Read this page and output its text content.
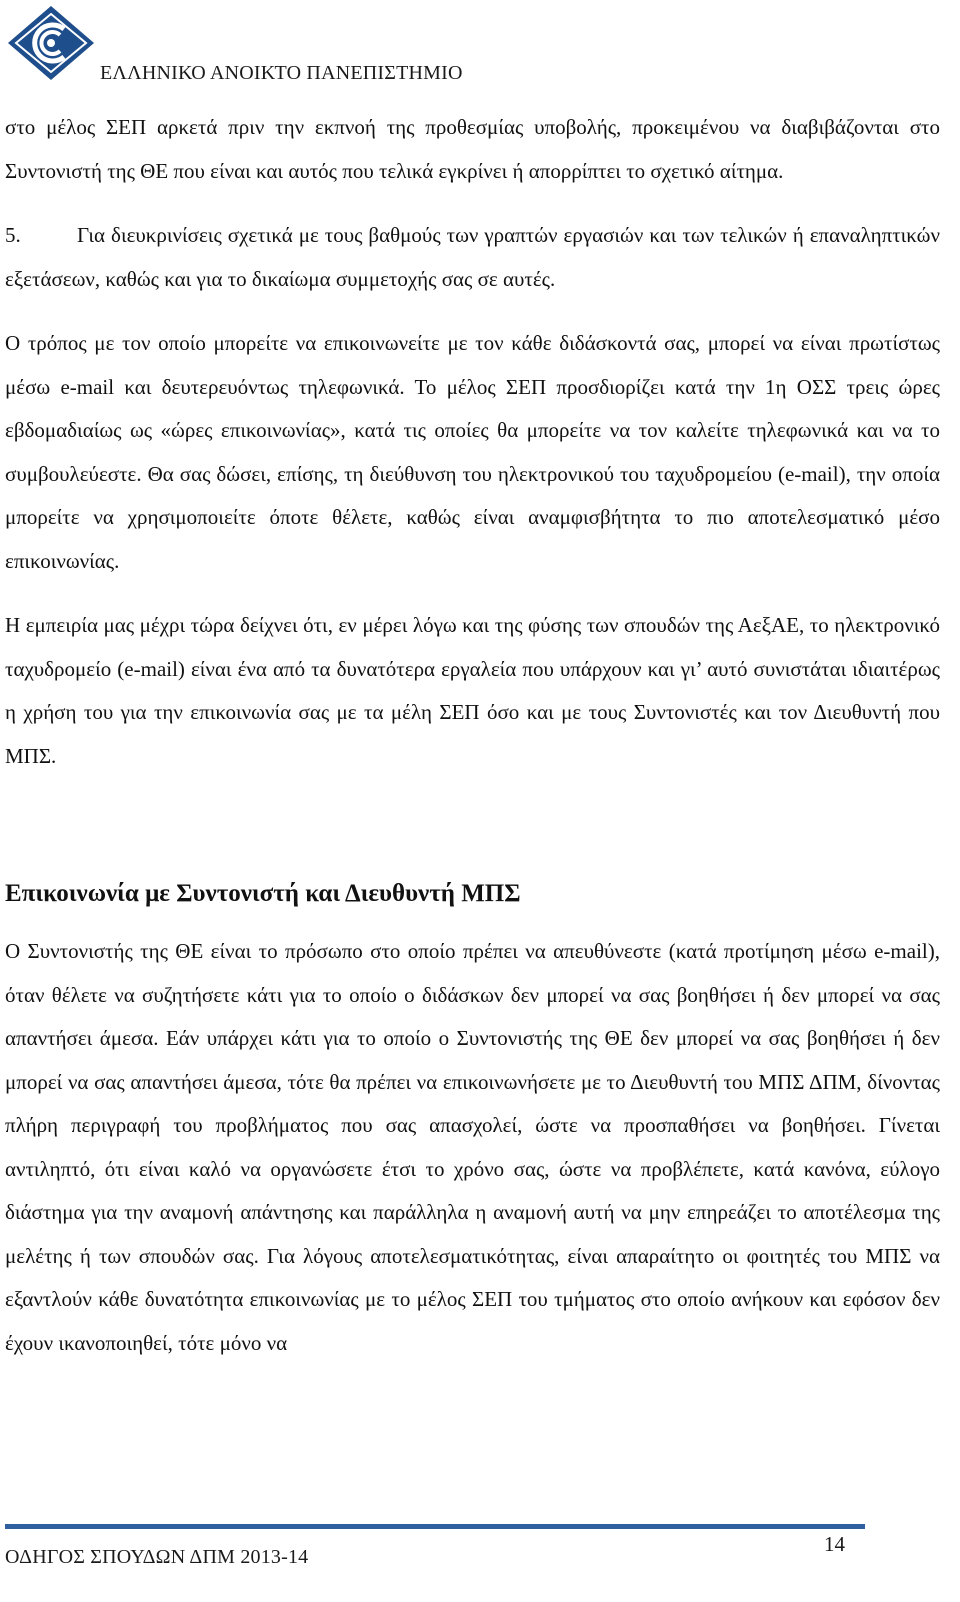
ΕΛΛΗΝΙΚΟ ΑΝΟΙΚΤΟ ΠΑΝΕΠΙΣΤΗΜΙΟ

στο μέλος ΣΕΠ αρκετά πριν την εκπνοή της προθεσμίας υποβολής, προκειμένου να διαβιβάζονται στο Συντονιστή της ΘΕ που είναι και αυτός που τελικά εγκρίνει ή απορρίπτει το σχετικό αίτημα.

5.	Για διευκρινίσεις σχετικά με τους βαθμούς των γραπτών εργασιών και των τελικών ή επαναληπτικών εξετάσεων, καθώς και για το δικαίωμα συμμετοχής σας σε αυτές.

Ο τρόπος με τον οποίο μπορείτε να επικοινωνείτε με τον κάθε διδάσκοντά σας, μπορεί να είναι πρωτίστως μέσω e-mail και δευτερευόντως τηλεφωνικά. Το μέλος ΣΕΠ προσδιορίζει κατά την 1η ΟΣΣ τρεις ώρες εβδομαδιαίως ως «ώρες επικοινωνίας», κατά τις οποίες θα μπορείτε να τον καλείτε τηλεφωνικά και να το συμβουλεύεστε. Θα σας δώσει, επίσης, τη διεύθυνση του ηλεκτρονικού του ταχυδρομείου (e-mail), την οποία μπορείτε να χρησιμοποιείτε όποτε θέλετε, καθώς είναι αναμφισβήτητα το πιο αποτελεσματικό μέσο επικοινωνίας.

Η εμπειρία μας μέχρι τώρα δείχνει ότι, εν μέρει λόγω και της φύσης των σπουδών της ΑεξΑΕ, το ηλεκτρονικό ταχυδρομείο (e-mail) είναι ένα από τα δυνατότερα εργαλεία που υπάρχουν και γι’ αυτό συνιστάται ιδιαιτέρως η χρήση του για την επικοινωνία σας με τα μέλη ΣΕΠ όσο και με τους Συντονιστές και τον Διευθυντή που ΜΠΣ.

Επικοινωνία με Συντονιστή και Διευθυντή ΜΠΣ

Ο Συντονιστής της ΘΕ είναι το πρόσωπο στο οποίο πρέπει να απευθύνεστε (κατά προτίμηση μέσω e-mail), όταν θέλετε να συζητήσετε κάτι για το οποίο ο διδάσκων δεν μπορεί να σας βοηθήσει ή δεν μπορεί να σας απαντήσει άμεσα. Εάν υπάρχει κάτι για το οποίο ο Συντονιστής της ΘΕ δεν μπορεί να σας βοηθήσει ή δεν μπορεί να σας απαντήσει άμεσα, τότε θα πρέπει να επικοινωνήσετε με το Διευθυντή του ΜΠΣ ΔΠΜ, δίνοντας πλήρη περιγραφή του προβλήματος που σας απασχολεί, ώστε να προσπαθήσει να βοηθήσει. Γίνεται αντιληπτό, ότι είναι καλό να οργανώσετε έτσι το χρόνο σας, ώστε να προβλέπετε, κατά κανόνα, εύλογο διάστημα για την αναμονή απάντησης και παράλληλα η αναμονή αυτή να μην επηρεάζει το αποτέλεσμα της μελέτης ή των σπουδών σας. Για λόγους αποτελεσματικότητας, είναι απαραίτητο οι φοιτητές του ΜΠΣ να εξαντλούν κάθε δυνατότητα επικοινωνίας με το μέλος ΣΕΠ του τμήματος στο οποίο ανήκουν και εφόσον δεν έχουν ικανοποιηθεί, τότε μόνο να

14
ΟΔΗΓΟΣ ΣΠΟΥΔΩΝ ΔΠΜ 2013-14
